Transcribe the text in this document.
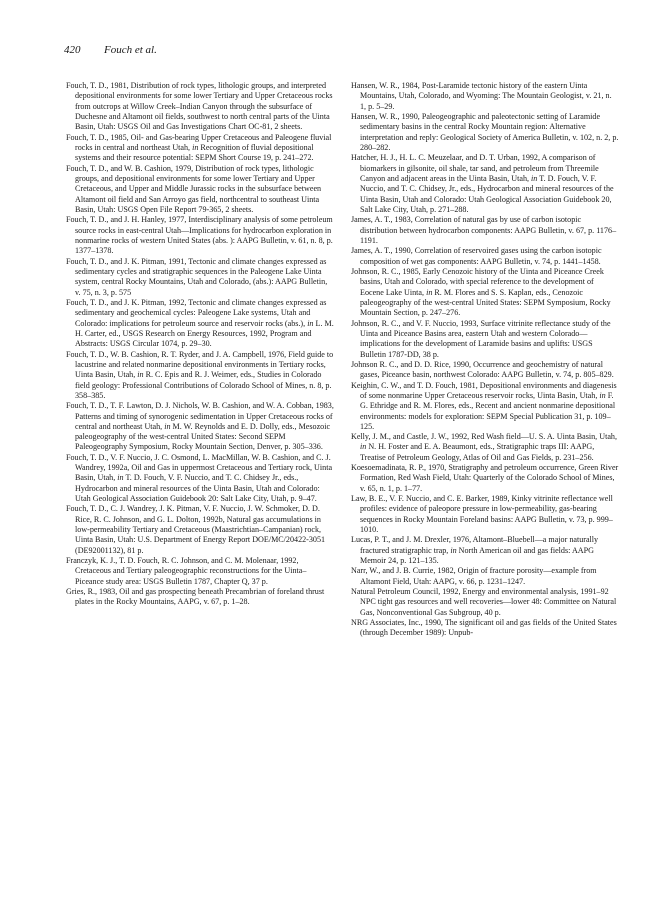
420 Fouch et al.

Fouch, T. D., 1981, Distribution of rock types, lithologic groups, and interpreted depositional environments for some lower Tertiary and Upper Cretaceous rocks from outcrops at Willow Creek–Indian Canyon through the subsurface of Duchesne and Altamont oil fields, southwest to north central parts of the Uinta Basin, Utah: USGS Oil and Gas Investigations Chart OC-81, 2 sheets.

Fouch, T. D., 1985, Oil- and Gas-bearing Upper Cretaceous and Paleogene fluvial rocks in central and northeast Utah, in Recognition of fluvial depositional systems and their resource potential: SEPM Short Course 19, p. 241–272.

Fouch, T. D., and W. B. Cashion, 1979, Distribution of rock types, lithologic groups, and depositional environments for some lower Tertiary and Upper Cretaceous, and Upper and Middle Jurassic rocks in the subsurface between Altamont oil field and San Arroyo gas field, northcentral to southeast Uinta Basin, Utah: USGS Open File Report 79-365, 2 sheets.

Fouch, T. D., and J. H. Hanley, 1977, Interdisciplinary analysis of some petroleum source rocks in east-central Utah—Implications for hydrocarbon exploration in nonmarine rocks of western United States (abs. ): AAPG Bulletin, v. 61, n. 8, p. 1377–1378.

Fouch, T. D., and J. K. Pitman, 1991, Tectonic and climate changes expressed as sedimentary cycles and stratigraphic sequences in the Paleogene Lake Uinta system, central Rocky Mountains, Utah and Colorado, (abs.): AAPG Bulletin, v. 75, n. 3, p. 575

Fouch, T. D., and J. K. Pitman, 1992, Tectonic and climate changes expressed as sedimentary and geochemical cycles: Paleogene Lake systems, Utah and Colorado: implications for petroleum source and reservoir rocks (abs.), in L. M. H. Carter, ed., USGS Research on Energy Resources, 1992, Program and Abstracts: USGS Circular 1074, p. 29–30.

Fouch, T. D., W. B. Cashion, R. T. Ryder, and J. A. Campbell, 1976, Field guide to lacustrine and related nonmarine depositional environments in Tertiary rocks, Uinta Basin, Utah, in R. C. Epis and R. J. Weimer, eds., Studies in Colorado field geology: Professional Contributions of Colorado School of Mines, n. 8, p. 358–385.

Fouch, T. D., T. F. Lawton, D. J. Nichols, W. B. Cashion, and W. A. Cobban, 1983, Patterns and timing of synorogenic sedimentation in Upper Cretaceous rocks of central and northeast Utah, in M. W. Reynolds and E. D. Dolly, eds., Mesozoic paleogeography of the west-central United States: Second SEPM Paleogeography Symposium, Rocky Mountain Section, Denver, p. 305–336.

Fouch, T. D., V. F. Nuccio, J. C. Osmond, L. MacMillan, W. B. Cashion, and C. J. Wandrey, 1992a, Oil and Gas in uppermost Cretaceous and Tertiary rock, Uinta Basin, Utah, in T. D. Fouch, V. F. Nuccio, and T. C. Chidsey Jr., eds., Hydrocarbon and mineral resources of the Uinta Basin, Utah and Colorado: Utah Geological Association Guidebook 20: Salt Lake City, Utah, p. 9–47.

Fouch, T. D., C. J. Wandrey, J. K. Pitman, V. F. Nuccio, J. W. Schmoker, D. D. Rice, R. C. Johnson, and G. L. Dolton, 1992b, Natural gas accumulations in low-permeability Tertiary and Cretaceous (Maastrichtian–Campanian) rock, Uinta Basin, Utah: U.S. Department of Energy Report DOE/MC/20422-3051 (DE92001132), 81 p.

Franczyk, K. J., T. D. Fouch, R. C. Johnson, and C. M. Molenaar, 1992, Cretaceous and Tertiary paleogeographic reconstructions for the Uinta–Piceance study area: USGS Bulletin 1787, Chapter Q, 37 p.

Gries, R., 1983, Oil and gas prospecting beneath Precambrian of foreland thrust plates in the Rocky Mountains, AAPG, v. 67, p. 1–28.

Hansen, W. R., 1984, Post-Laramide tectonic history of the eastern Uinta Mountains, Utah, Colorado, and Wyoming: The Mountain Geologist, v. 21, n. 1, p. 5–29.

Hansen, W. R., 1990, Paleogeographic and paleotectonic setting of Laramide sedimentary basins in the central Rocky Mountain region: Alternative interpretation and reply: Geological Society of America Bulletin, v. 102, n. 2, p. 280–282.

Hatcher, H. J., H. L. C. Meuzelaar, and D. T. Urban, 1992, A comparison of biomarkers in gilsonite, oil shale, tar sand, and petroleum from Threemile Canyon and adjacent areas in the Uinta Basin, Utah, in T. D. Fouch, V. F. Nuccio, and T. C. Chidsey, Jr., eds., Hydrocarbon and mineral resources of the Uinta Basin, Utah and Colorado: Utah Geological Association Guidebook 20, Salt Lake City, Utah, p. 271–288.

James, A. T., 1983, Correlation of natural gas by use of carbon isotopic distribution between hydrocarbon components: AAPG Bulletin, v. 67, p. 1176–1191.

James, A. T., 1990, Correlation of reservoired gases using the carbon isotopic composition of wet gas components: AAPG Bulletin, v. 74, p. 1441–1458.

Johnson, R. C., 1985, Early Cenozoic history of the Uinta and Piceance Creek basins, Utah and Colorado, with special reference to the development of Eocene Lake Uinta, in R. M. Flores and S. S. Kaplan, eds., Cenozoic paleogeography of the west-central United States: SEPM Symposium, Rocky Mountain Section, p. 247–276.

Johnson, R. C., and V. F. Nuccio, 1993, Surface vitrinite reflectance study of the Uinta and Piceance Basins area, eastern Utah and western Colorado—implications for the development of Laramide basins and uplifts: USGS Bulletin 1787-DD, 38 p.

Johnson R. C., and D. D. Rice, 1990, Occurrence and geochemistry of natural gases, Piceance basin, northwest Colorado: AAPG Bulletin, v. 74, p. 805–829.

Keighin, C. W., and T. D. Fouch, 1981, Depositional environments and diagenesis of some nonmarine Upper Cretaceous reservoir rocks, Uinta Basin, Utah, in F. G. Ethridge and R. M. Flores, eds., Recent and ancient nonmarine depositional environments: models for exploration: SEPM Special Publication 31, p. 109–125.

Kelly, J. M., and Castle, J. W., 1992, Red Wash field—U. S. A. Uinta Basin, Utah, in N. H. Foster and E. A. Beaumont, eds., Stratigraphic traps III: AAPG, Treatise of Petroleum Geology, Atlas of Oil and Gas Fields, p. 231–256.

Koesoemadinata, R. P., 1970, Stratigraphy and petroleum occurrence, Green River Formation, Red Wash Field, Utah: Quarterly of the Colorado School of Mines, v. 65, n. 1, p. 1–77.

Law, B. E., V. F. Nuccio, and C. E. Barker, 1989, Kinky vitrinite reflectance well profiles: evidence of paleopore pressure in low-permeability, gas-bearing sequences in Rocky Mountain Foreland basins: AAPG Bulletin, v. 73, p. 999–1010.

Lucas, P. T., and J. M. Drexler, 1976, Altamont–Bluebell—a major naturally fractured stratigraphic trap, in North American oil and gas fields: AAPG Memoir 24, p. 121–135.

Narr, W., and J. B. Currie, 1982, Origin of fracture porosity—example from Altamont Field, Utah: AAPG, v. 66, p. 1231–1247.

Natural Petroleum Council, 1992, Energy and environmental analysis, 1991–92 NPC tight gas resources and well recoveries—lower 48: Committee on Natural Gas, Nonconventional Gas Subgroup, 40 p.

NRG Associates, Inc., 1990, The significant oil and gas fields of the United States (through December 1989): Unpub-
